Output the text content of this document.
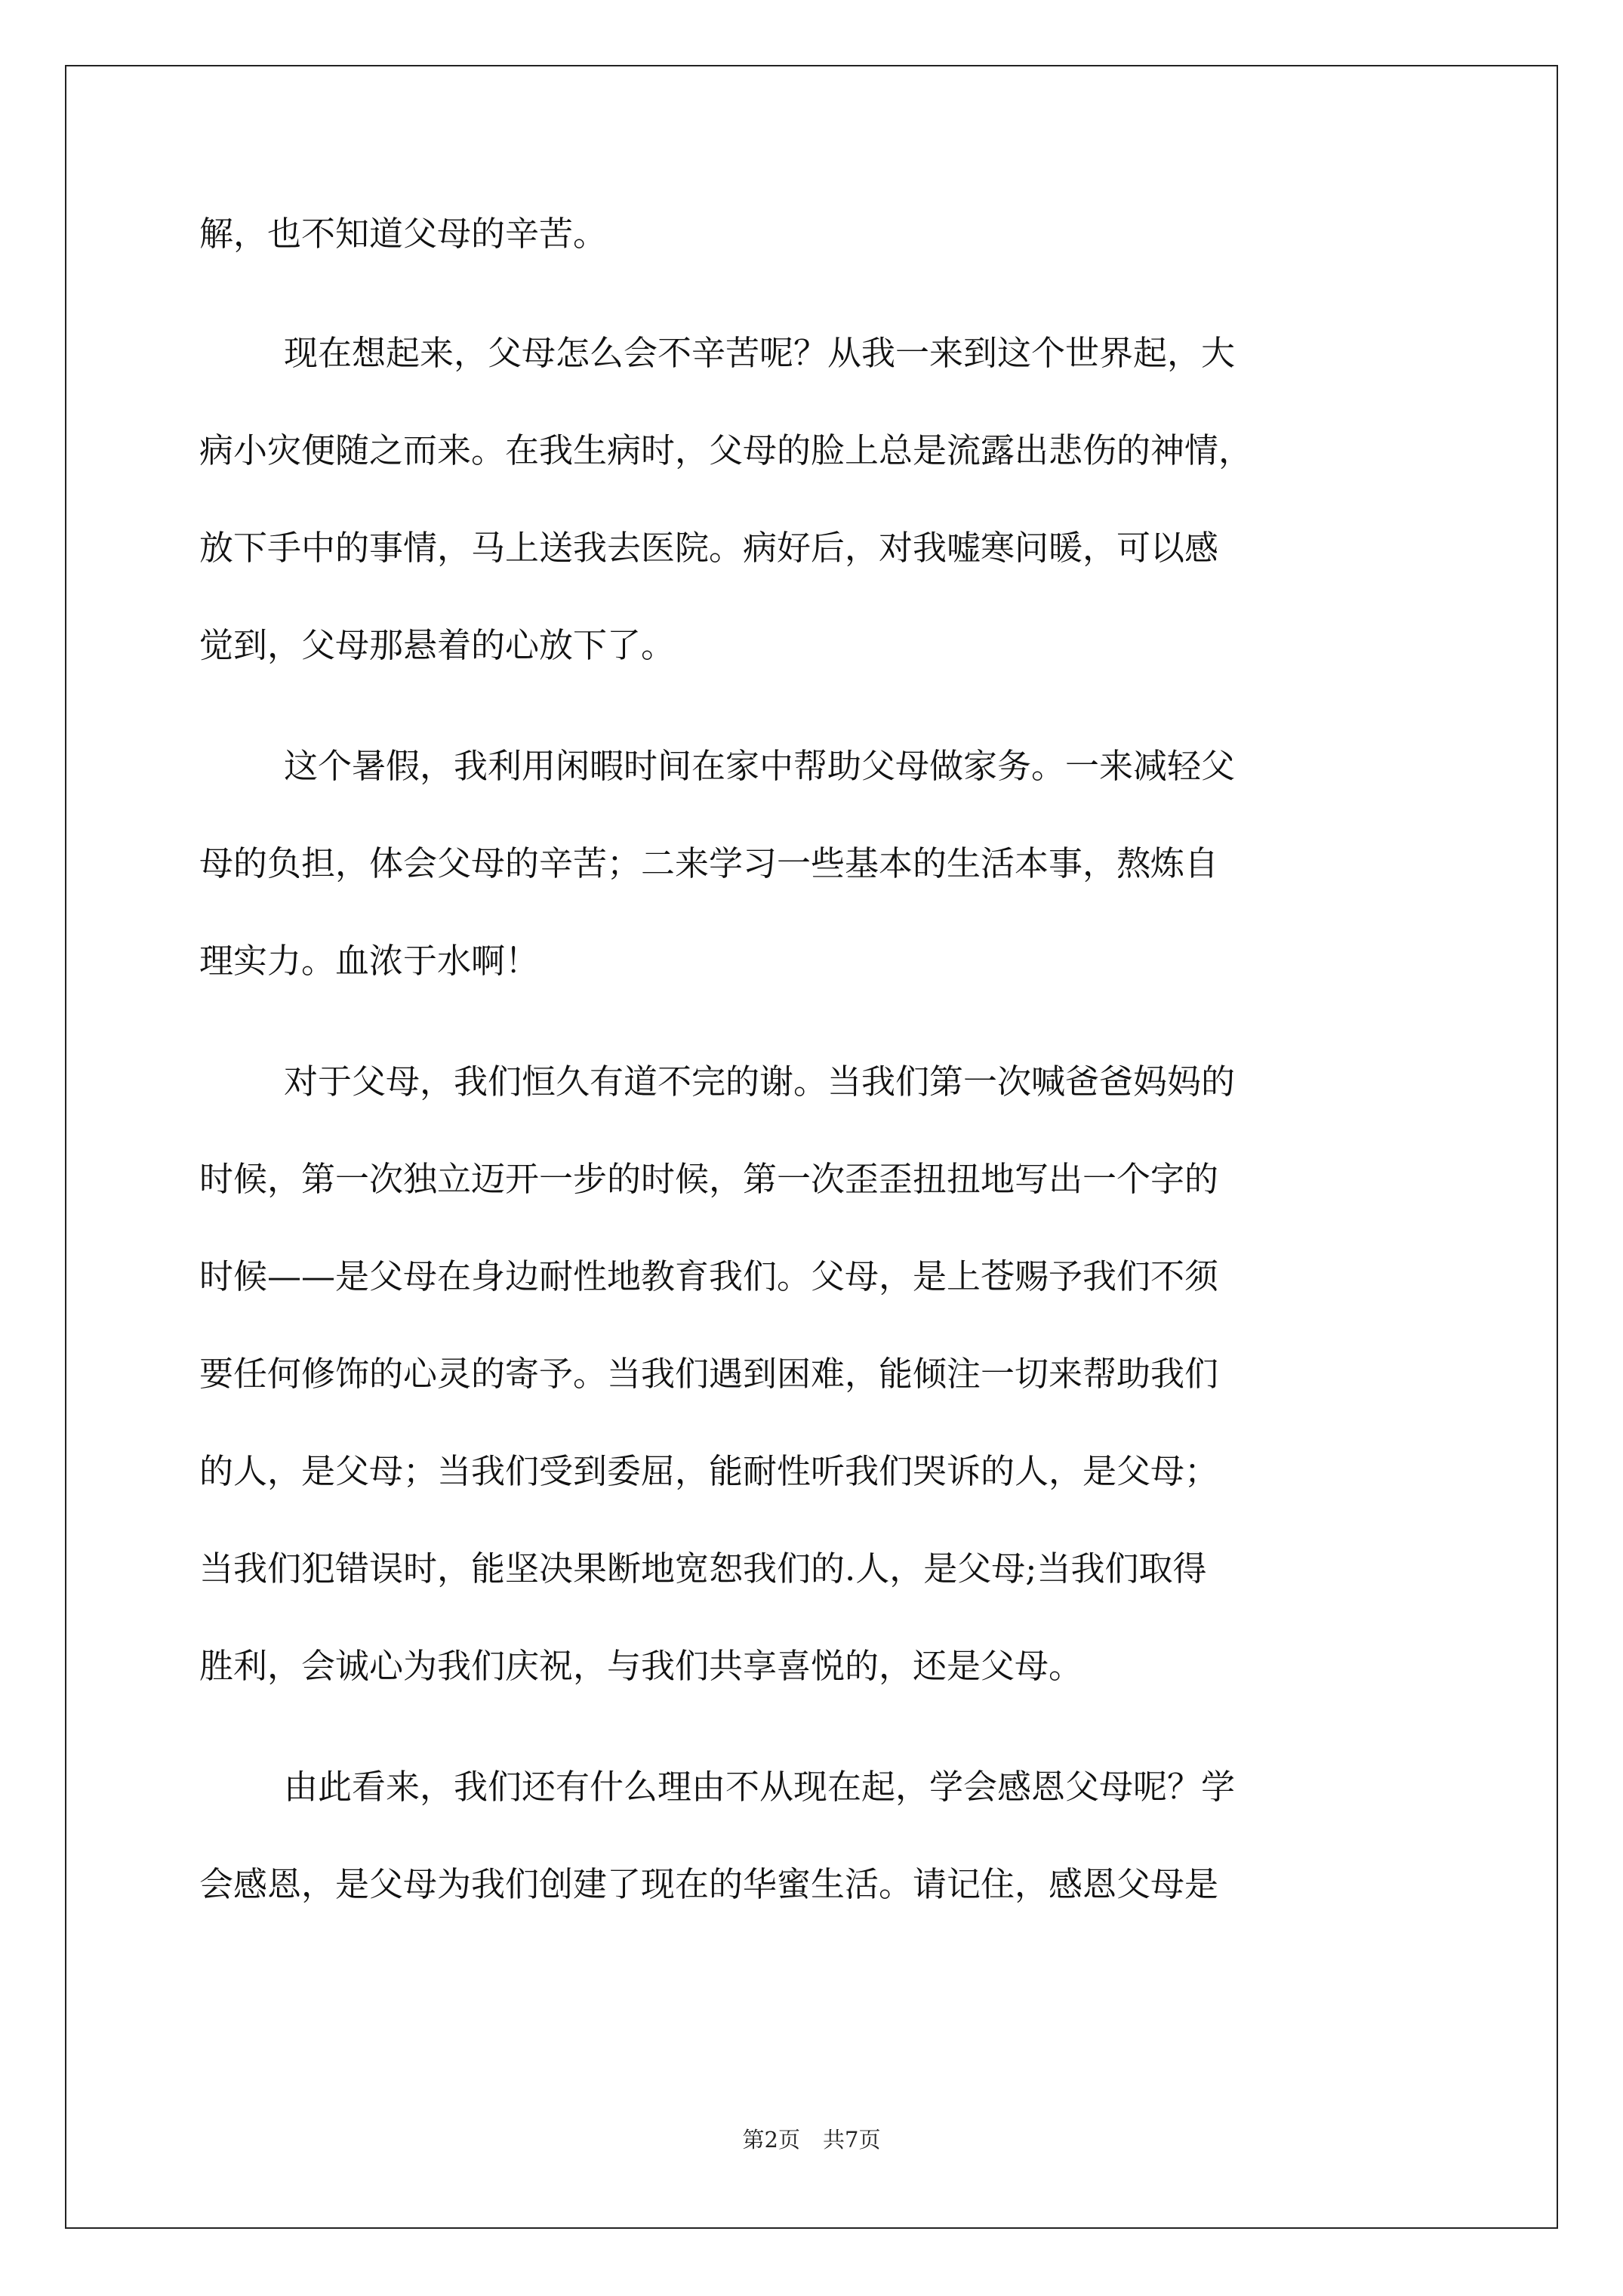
解，也不知道父母的辛苦。
现在想起来，父母怎么会不辛苦呢？从我一来到这个世界起，大
病小灾便随之而来。在我生病时，父母的脸上总是流露出悲伤的神情，
放下手中的事情，马上送我去医院。病好后，对我嘘寒问暖，可以感
觉到，父母那悬着的心放下了。
这个暑假，我利用闲暇时间在家中帮助父母做家务。一来减轻父
母的负担，体会父母的辛苦；二来学习一些基本的生活本事，熬炼自
理实力。血浓于水啊！
对于父母，我们恒久有道不完的谢。当我们第一次喊爸爸妈妈的
时候，第一次独立迈开一步的时候，第一次歪歪扭扭地写出一个字的
时候——是父母在身边耐性地教育我们。父母，是上苍赐予我们不须
要任何修饰的心灵的寄予。当我们遇到困难，能倾注一切来帮助我们
的人，是父母；当我们受到委屈，能耐性听我们哭诉的人，是父母；
当我们犯错误时，能坚决果断地宽恕我们的.人，是父母;当我们取得
胜利，会诚心为我们庆祝，与我们共享喜悦的，还是父母。
由此看来，我们还有什么理由不从现在起，学会感恩父母呢？学
会感恩，是父母为我们创建了现在的华蜜生活。请记住，感恩父母是
第2页 共7页
